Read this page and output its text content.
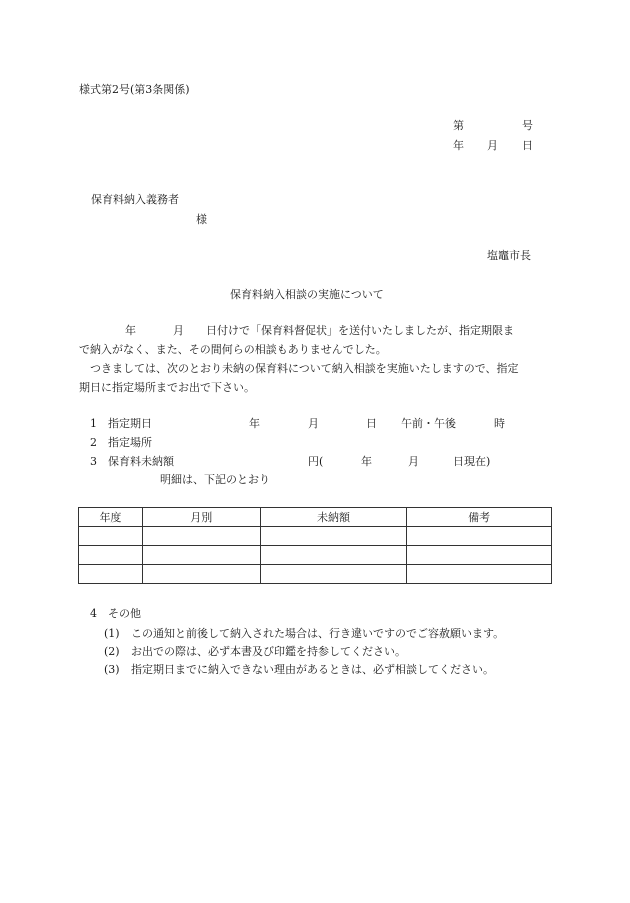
様式第2号(第3条関係)
第	号
年 月 日
保育料納入義務者
様
塩竈市長
保育料納入相談の実施について
年	月 日付けで「保育料督促状」を送付いたしましたが、指定期限ま
で納入がなく、また、その間何らの相談もありませんでした。
つきましては、次のとおり未納の保育料について納入相談を実施いたしますので、指定
期日に指定場所までお出で下さい。
1 指定期日	年	月	日 午前・午後	時
2 指定場所
3 保育料未納額	円(	年	月	日現在)
明細は、下記のとおり
年度	月別	未納額	備考

4 その他
(1) この通知と前後して納入された場合は、行き違いですのでご容赦願います。
(2) お出での際は、必ず本書及び印鑑を持参してください。
(3) 指定期日までに納入できない理由があるときは、必ず相談してください。
